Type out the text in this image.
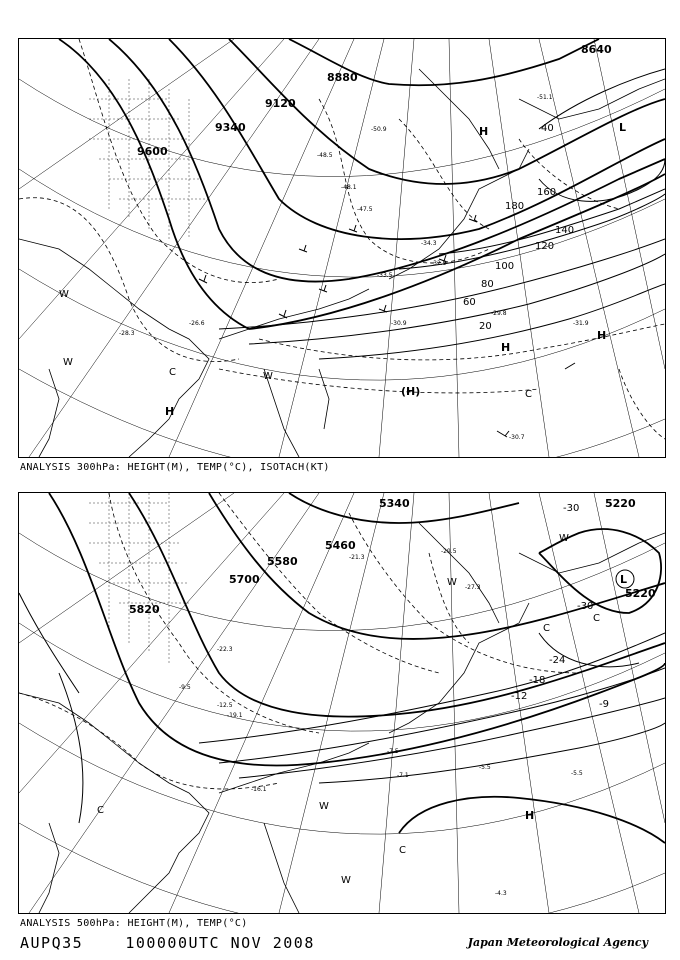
9340
9120
8880
8640
9600
20
40
60
80
100
120
140
160
180
-51.1
-50.9
-48.5
-48.1
-47.5
-34.3
-33.5
-32.9
-31.9
-30.9
-30.7
-29.8
-28.3
-26.6
H
H
H
(H)
H
L
W
W
W
C
C
ANALYSIS 300hPa: HEIGHT(M), TEMP(°C), ISOTACH(KT)
5340	5220
5460
5580
5700
5820
5220
-30
-24
-18
-12
-9
-30
-29.5
-27.3
-22.3
-21.3
-19.1
-16.1
-12.5
-9.5
-7.5
-7.1
-5.5
-5.5
-4.3
L
H
W
W
W
W
C
C
C
C
ANALYSIS 500hPa: HEIGHT(M), TEMP(°C)
AUPQ35	100000UTC NOV 2008	Japan Meteorological Agency
